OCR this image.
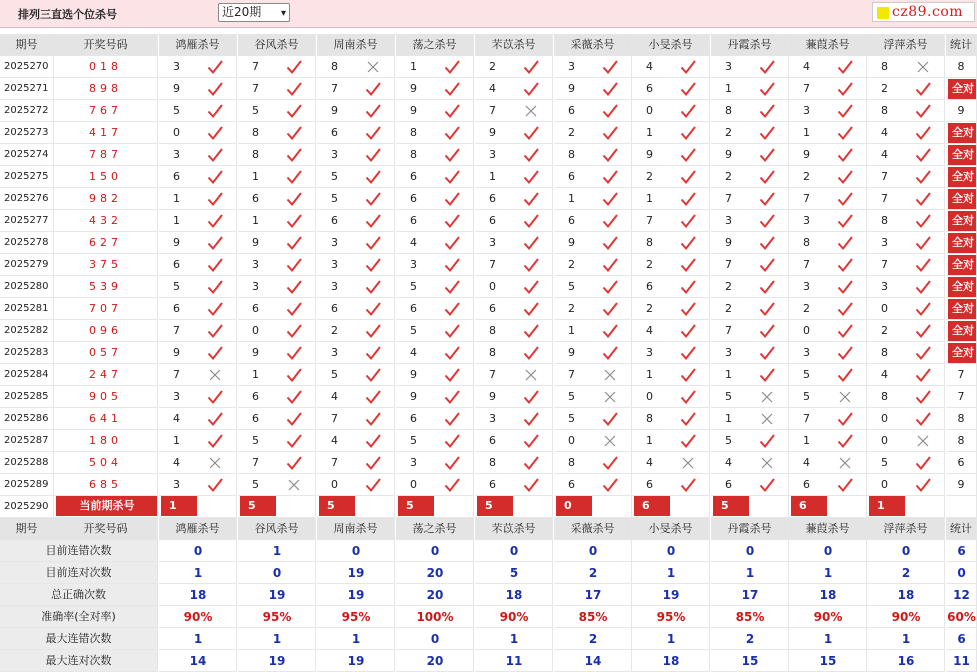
排列三直选个位杀号	近20期 ▾	cz89.com
期号	开奖号码	鸿雁杀号	谷风杀号	周南杀号	荡之杀号	芣苡杀号	采薇杀号	小旻杀号	丹霞杀号	蒹葭杀号	浮萍杀号	统计
2025270	018	3	7	8	1	2	3	4	3	4	8	8
2025271	898	9	7	7	9	4	9	6	1	7	2	全对
2025272	767	5	5	9	9	7	6	0	8	3	8	9
2025273	417	0	8	6	8	9	2	1	2	1	4	全对
2025274	787	3	8	3	8	3	8	9	9	9	4	全对
2025275	150	6	1	5	6	1	6	2	2	2	7	全对
2025276	982	1	6	5	6	6	1	1	7	7	7	全对
2025277	432	1	1	6	6	6	6	7	3	3	8	全对
2025278	627	9	9	3	4	3	9	8	9	8	3	全对
2025279	375	6	3	3	3	7	2	2	7	7	7	全对
2025280	539	5	3	3	5	0	5	6	2	3	3	全对
2025281	707	6	6	6	6	6	2	2	2	2	0	全对
2025282	096	7	0	2	5	8	1	4	7	0	2	全对
2025283	057	9	9	3	4	8	9	3	3	3	8	全对
2025284	247	7	1	5	9	7	7	1	1	5	4	7
2025285	905	3	6	4	9	9	5	0	5	5	8	7
2025286	641	4	6	7	6	3	5	8	1	7	0	8
2025287	180	1	5	4	5	6	0	1	5	1	0	8
2025288	504	4	7	7	3	8	8	4	4	4	5	6
2025289	685	3	5	0	0	6	6	6	6	6	0	9
2025290	当前期杀号	1	5	5	5	5	0	6	5	6	1
期号	开奖号码	鸿雁杀号	谷风杀号	周南杀号	荡之杀号	芣苡杀号	采薇杀号	小旻杀号	丹霞杀号	蒹葭杀号	浮萍杀号	统计
目前连错次数	0	1	0	0	0	0	0	0	0	0	6
目前连对次数	1	0	19	20	5	2	1	1	1	2	0
总正确次数	18	19	19	20	18	17	19	17	18	18	12
准确率(全对率)	90%	95%	95%	100%	90%	85%	95%	85%	90%	90%	60%
最大连错次数	1	1	1	0	1	2	1	2	1	1	6
最大连对次数	14	19	19	20	11	14	18	15	15	16	11
